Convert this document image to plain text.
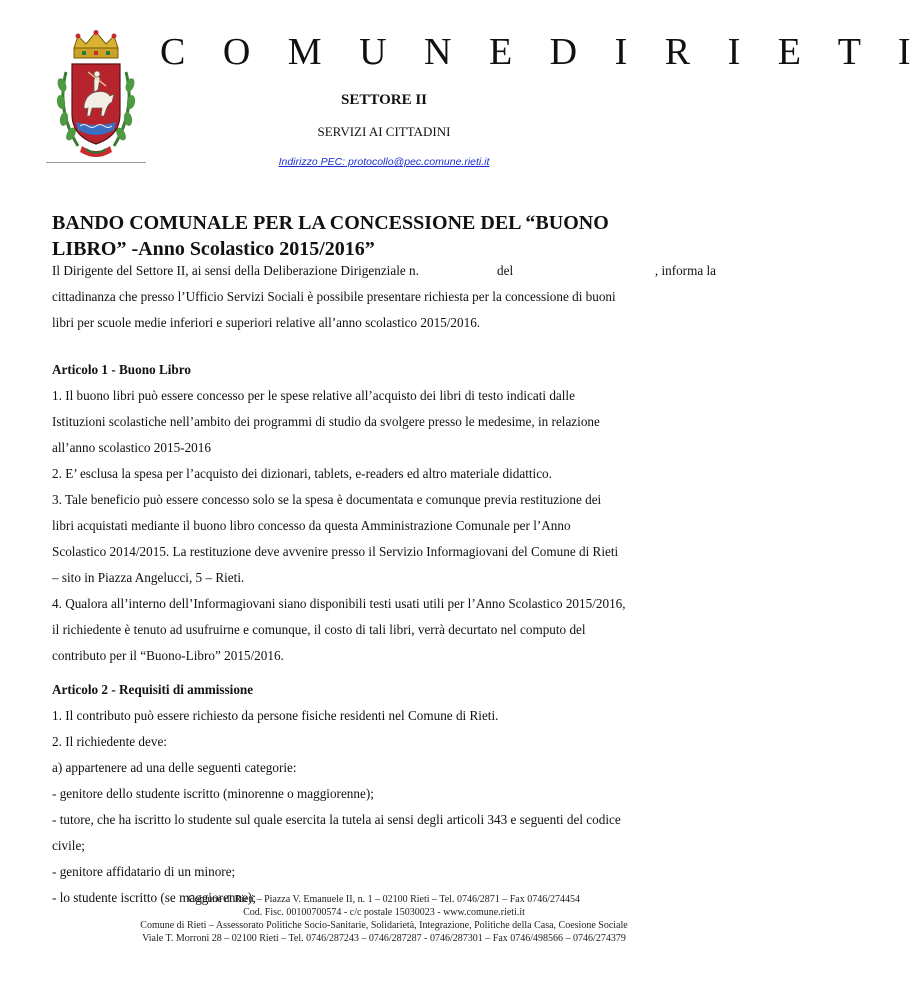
C O M U N E D I R I E T I
SETTORE II
SERVIZI AI CITTADINI
Indirizzo PEC: protocollo@pec.comune.rieti.it
BANDO COMUNALE PER LA CONCESSIONE DEL “BUONO
LIBRO” -Anno Scolastico 2015/2016”
Il Dirigente del Settore II, ai sensi della Deliberazione Dirigenziale n.	del	, informa la
cittadinanza che presso l’Ufficio Servizi Sociali è possibile presentare richiesta per la concessione di buoni
libri per scuole medie inferiori e superiori relative all’anno scolastico 2015/2016.
Articolo 1 - Buono Libro
1. Il buono libri può essere concesso per le spese relative all’acquisto dei libri di testo indicati dalle
Istituzioni scolastiche nell’ambito dei programmi di studio da svolgere presso le medesime, in relazione
all’anno scolastico 2015-2016
2. E’ esclusa la spesa per l’acquisto dei dizionari, tablets, e-readers ed altro materiale didattico.
3. Tale beneficio può essere concesso solo se la spesa è documentata e comunque previa restituzione dei
libri acquistati mediante il buono libro concesso da questa Amministrazione Comunale per l’Anno
Scolastico 2014/2015. La restituzione deve avvenire presso il Servizio Informagiovani del Comune di Rieti
– sito in Piazza Angelucci, 5 – Rieti.
4. Qualora all’interno dell’Informagiovani siano disponibili testi usati utili per l’Anno Scolastico 2015/2016,
il richiedente è tenuto ad usufruirne e comunque, il costo di tali libri, verrà decurtato nel computo del
contributo per il “Buono-Libro” 2015/2016.
Articolo 2 - Requisiti di ammissione
1. Il contributo può essere richiesto da persone fisiche residenti nel Comune di Rieti.
2. Il richiedente deve:
a) appartenere ad una delle seguenti categorie:
- genitore dello studente iscritto (minorenne o maggiorenne);
- tutore, che ha iscritto lo studente sul quale esercita la tutela ai sensi degli articoli 343 e seguenti del codice
civile;
- genitore affidatario di un minore;
- lo studente iscritto (se maggiorenne);
Comune di Rieti – Piazza V. Emanuele II, n. 1 – 02100 Rieti – Tel. 0746/2871 – Fax 0746/274454
Cod. Fisc. 00100700574 - c/c postale 15030023 - www.comune.rieti.it
Comune di Rieti – Assessorato Politiche Socio-Sanitarie, Solidarietà, Integrazione, Politiche della Casa, Coesione Sociale
Viale T. Morroni 28 – 02100 Rieti – Tel. 0746/287243 – 0746/287287 - 0746/287301 – Fax 0746/498566 – 0746/274379
